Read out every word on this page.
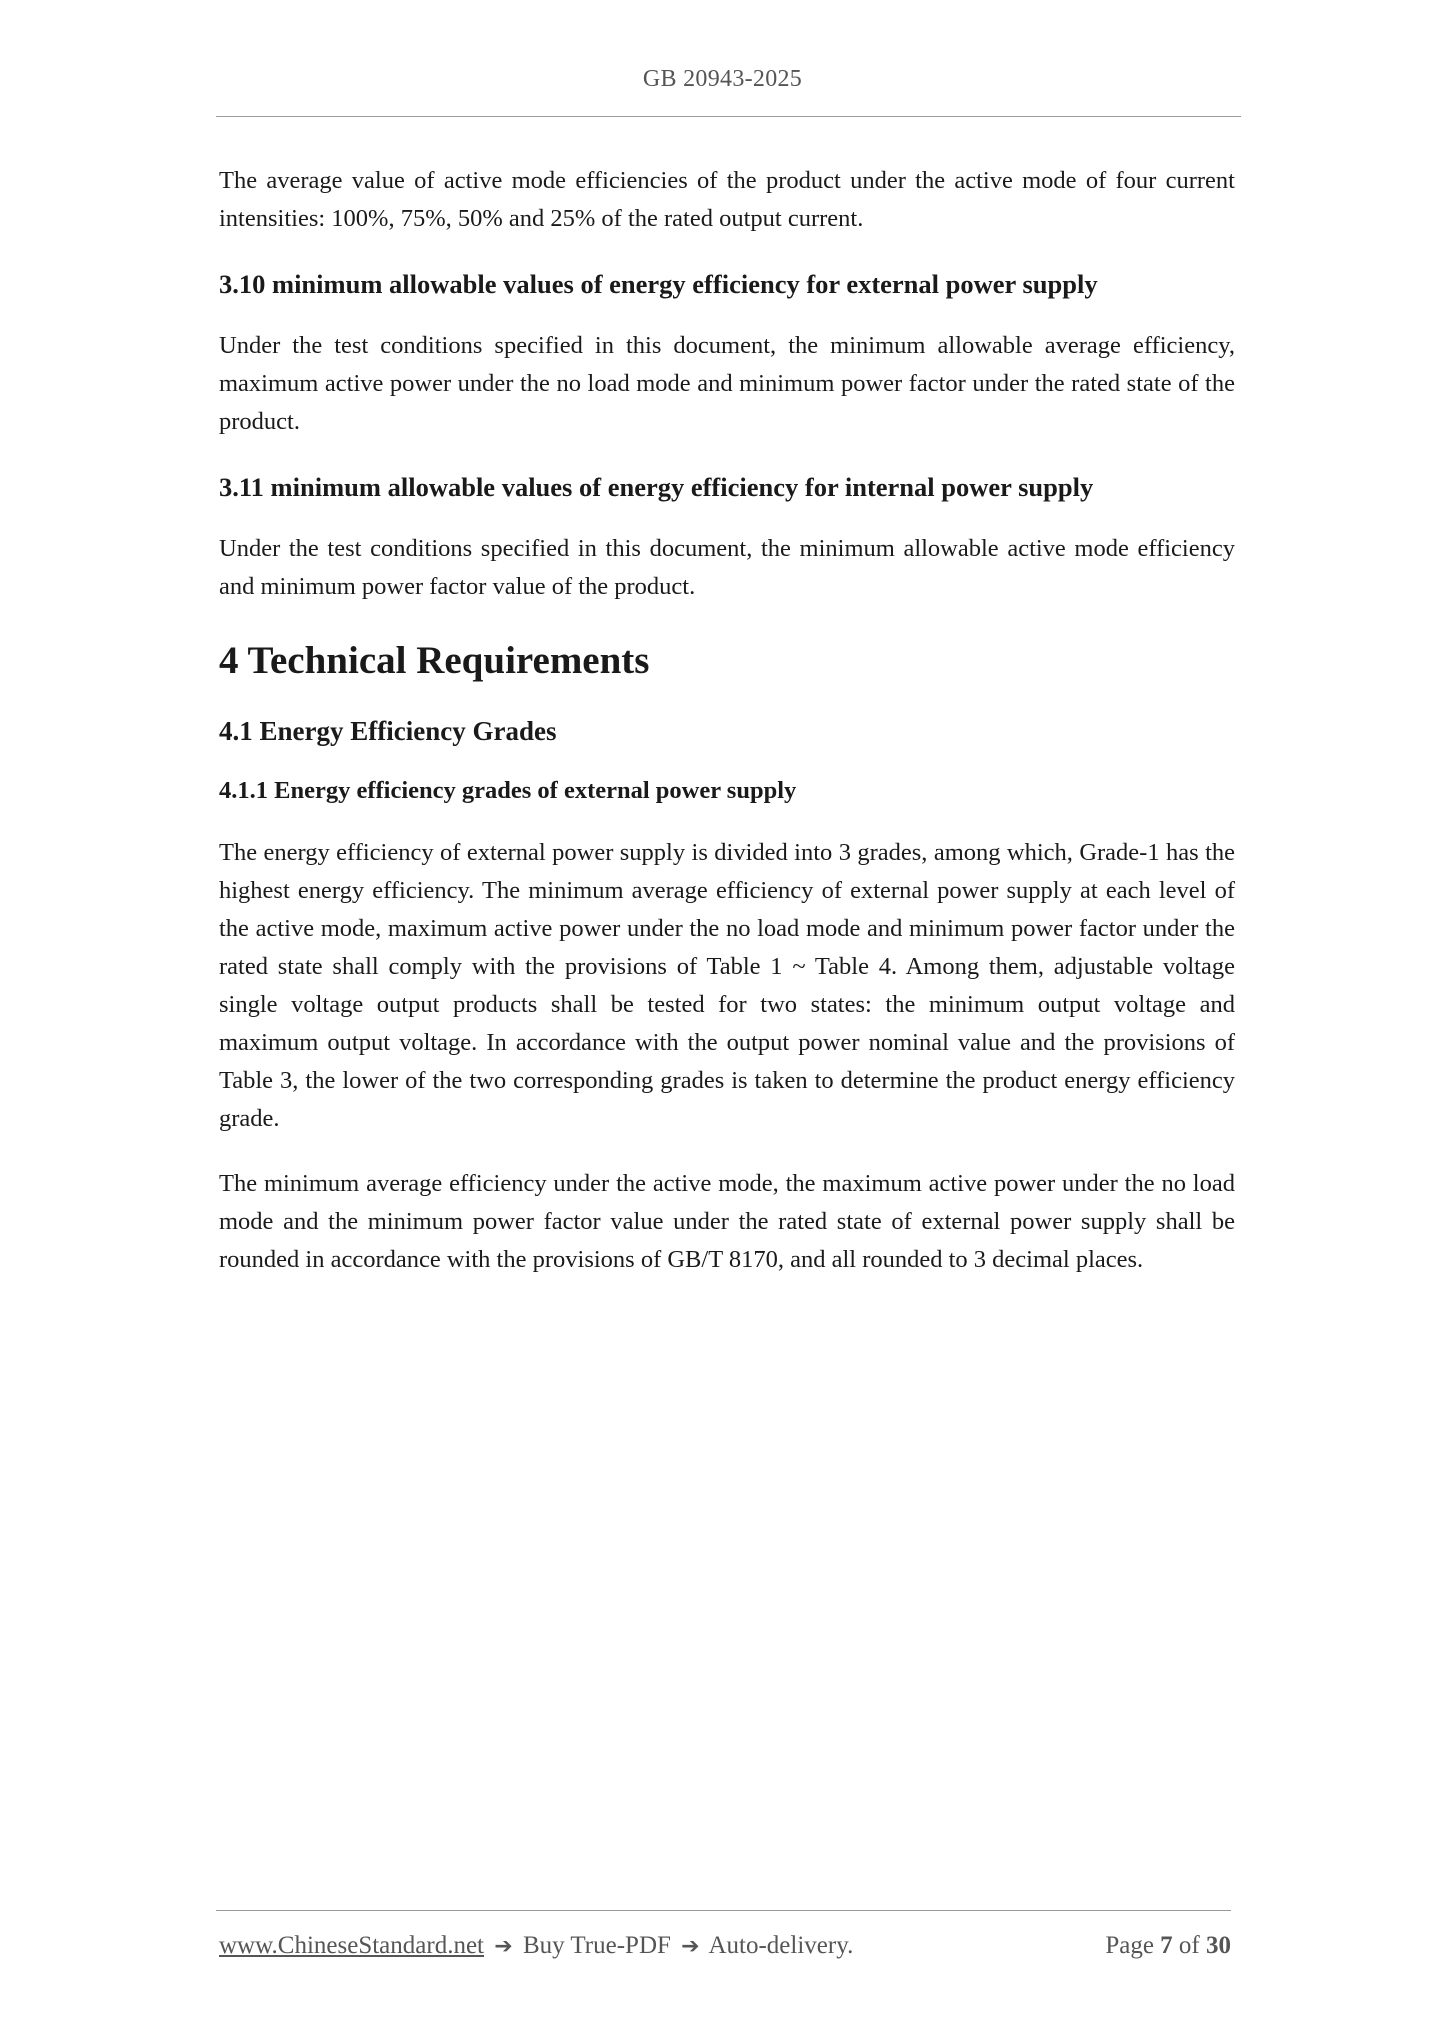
GB 20943-2025

The average value of active mode efficiencies of the product under the active mode of four current intensities: 100%, 75%, 50% and 25% of the rated output current.

3.10 minimum allowable values of energy efficiency for external power supply

Under the test conditions specified in this document, the minimum allowable average efficiency, maximum active power under the no load mode and minimum power factor under the rated state of the product.

3.11 minimum allowable values of energy efficiency for internal power supply

Under the test conditions specified in this document, the minimum allowable active mode efficiency and minimum power factor value of the product.

4 Technical Requirements
4.1 Energy Efficiency Grades
4.1.1 Energy efficiency grades of external power supply

The energy efficiency of external power supply is divided into 3 grades, among which, Grade-1 has the highest energy efficiency. The minimum average efficiency of external power supply at each level of the active mode, maximum active power under the no load mode and minimum power factor under the rated state shall comply with the provisions of Table 1 ~ Table 4. Among them, adjustable voltage single voltage output products shall be tested for two states: the minimum output voltage and maximum output voltage. In accordance with the output power nominal value and the provisions of Table 3, the lower of the two corresponding grades is taken to determine the product energy efficiency grade.

The minimum average efficiency under the active mode, the maximum active power under the no load mode and the minimum power factor value under the rated state of external power supply shall be rounded in accordance with the provisions of GB/T 8170, and all rounded to 3 decimal places.

www.ChineseStandard.net ➔ Buy True-PDF ➔ Auto-delivery.	Page 7 of 30
